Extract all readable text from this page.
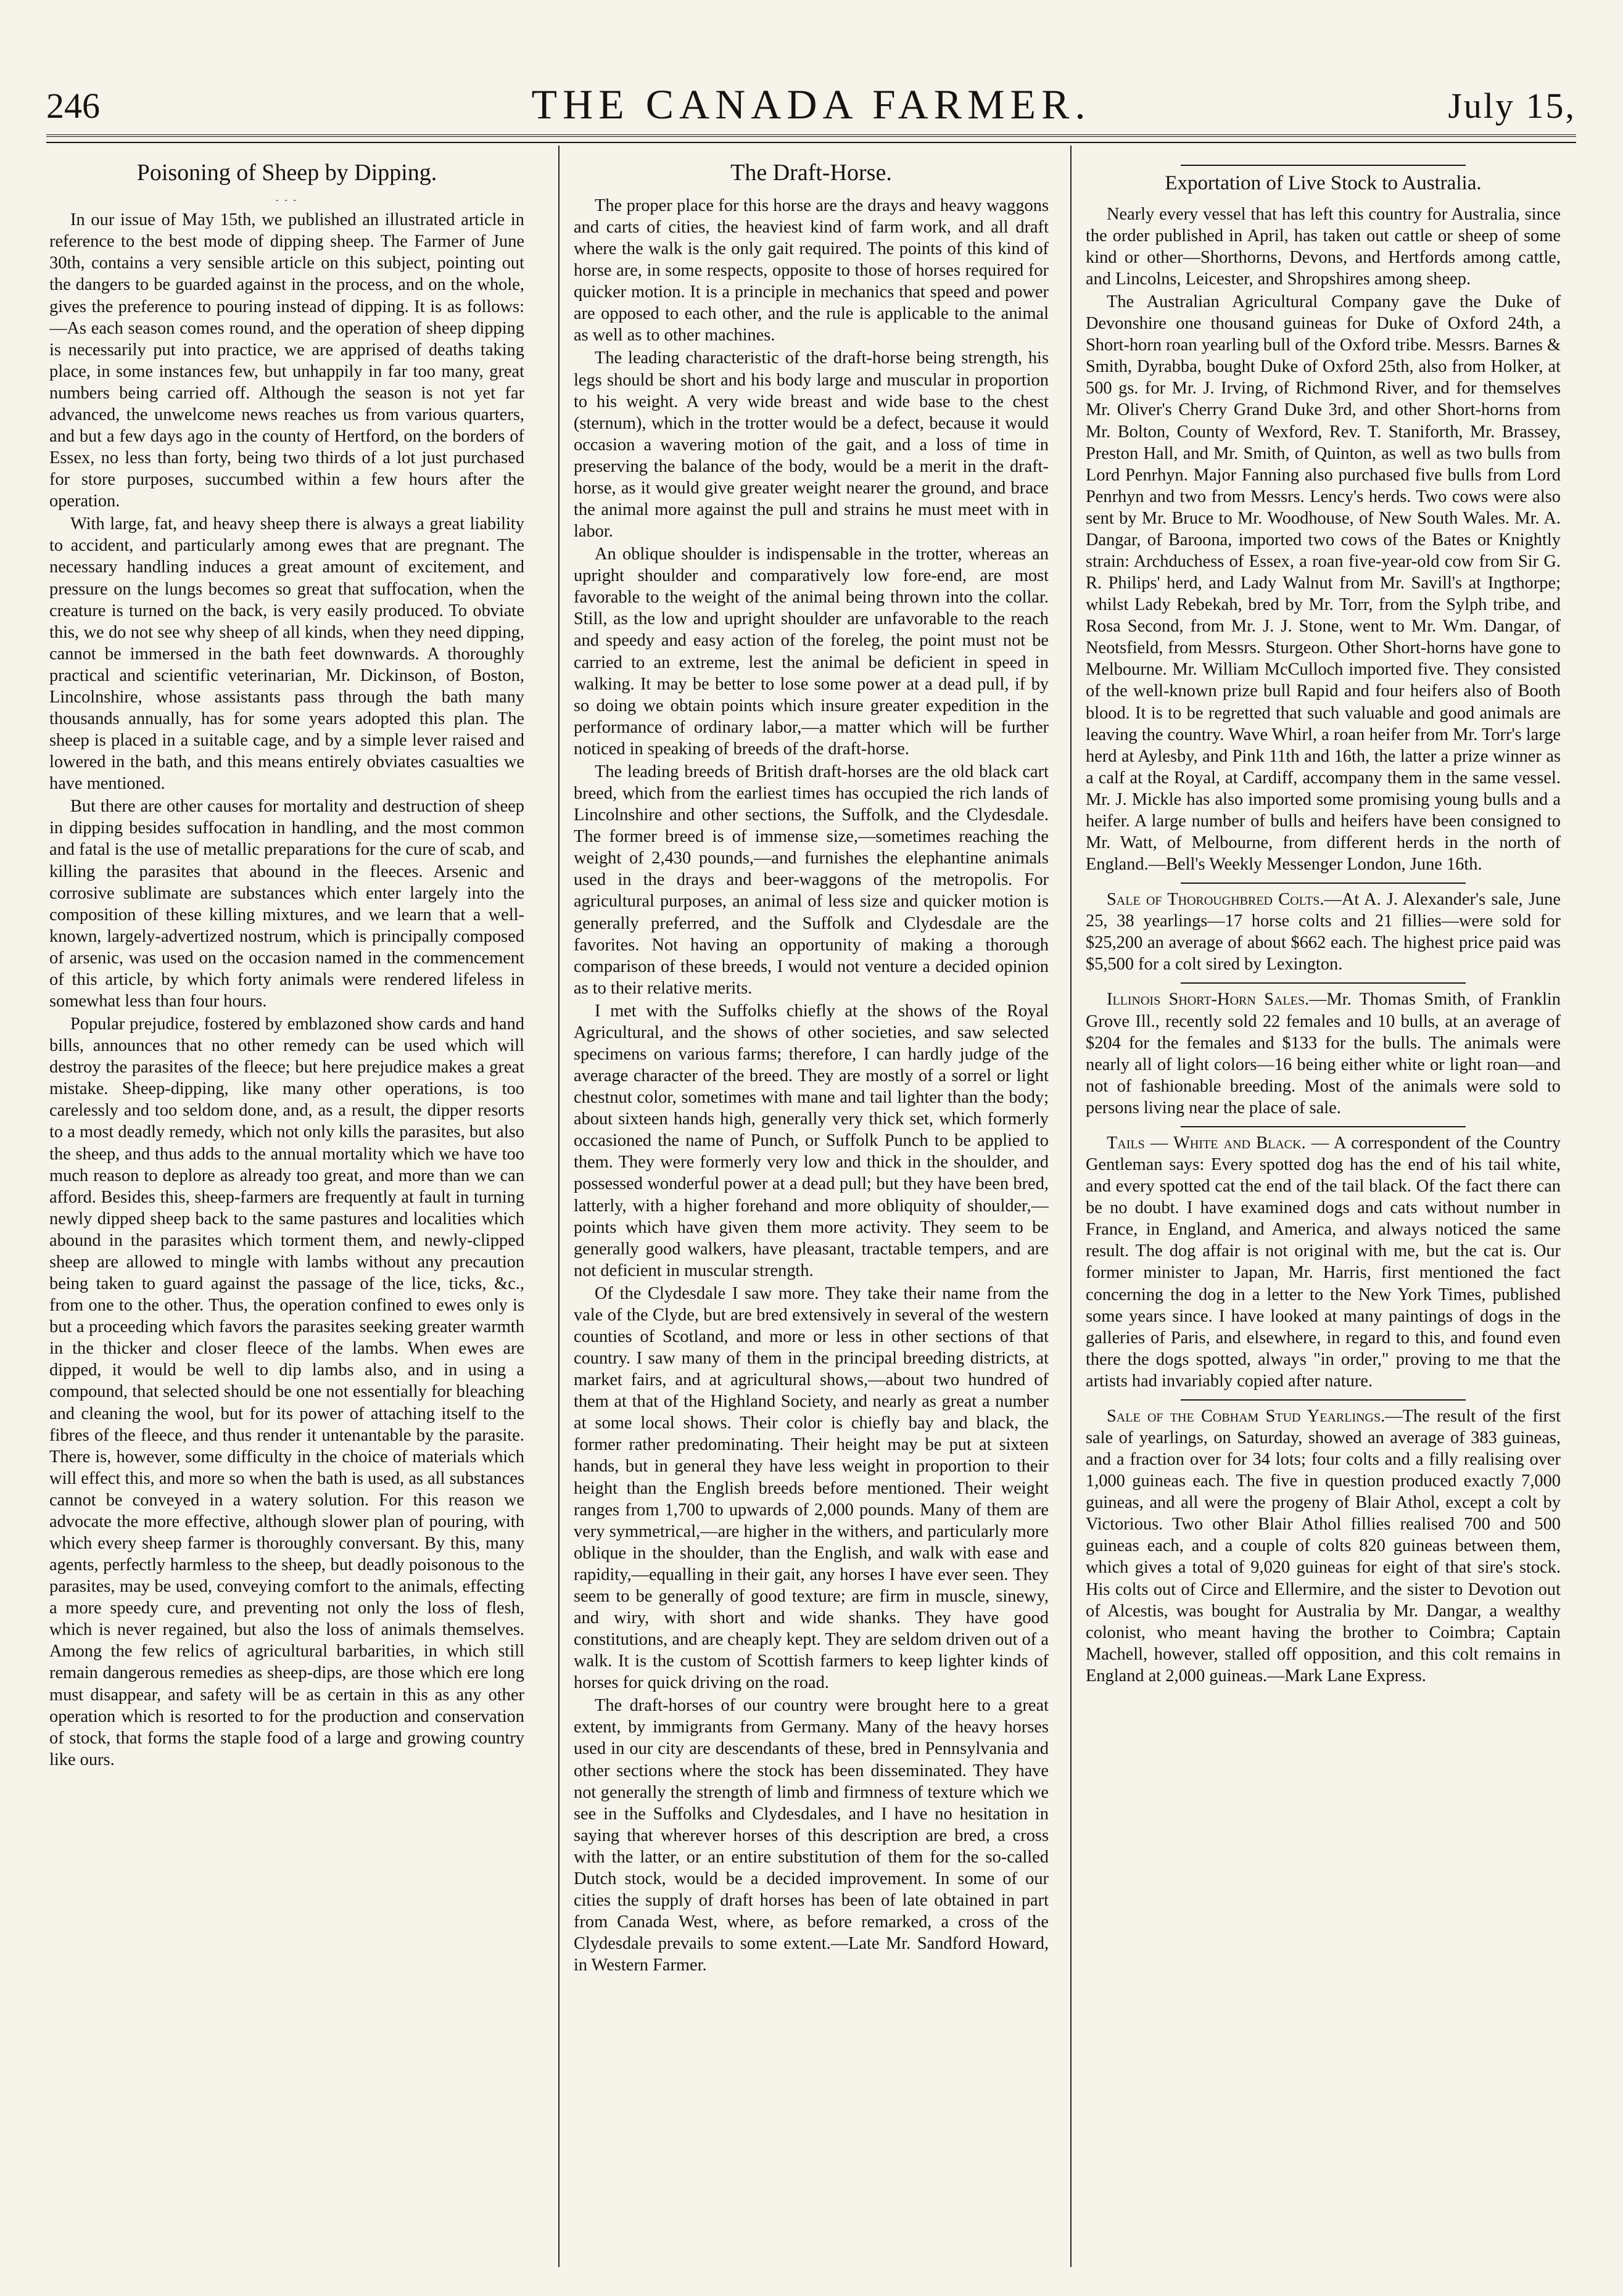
246	THE CANADA FARMER.	July 15,
Poisoning of Sheep by Dipping.
- - -

In our issue of May 15th, we published an illustrated article in reference to the best mode of dipping sheep. The Farmer of June 30th, contains a very sensible article on this subject, pointing out the dangers to be guarded against in the process, and on the whole, gives the preference to pouring instead of dipping. It is as follows:—As each season comes round, and the operation of sheep dipping is necessarily put into practice, we are apprised of deaths taking place, in some instances few, but unhappily in far too many, great numbers being carried off. Although the season is not yet far advanced, the unwelcome news reaches us from various quarters, and but a few days ago in the county of Hertford, on the borders of Essex, no less than forty, being two thirds of a lot just purchased for store purposes, succumbed within a few hours after the operation.

With large, fat, and heavy sheep there is always a great liability to accident, and particularly among ewes that are pregnant. The necessary handling induces a great amount of excitement, and pressure on the lungs becomes so great that suffocation, when the creature is turned on the back, is very easily produced. To obviate this, we do not see why sheep of all kinds, when they need dipping, cannot be immersed in the bath feet downwards. A thoroughly practical and scientific veterinarian, Mr. Dickinson, of Boston, Lincolnshire, whose assistants pass through the bath many thousands annually, has for some years adopted this plan. The sheep is placed in a suitable cage, and by a simple lever raised and lowered in the bath, and this means entirely obviates casualties we have mentioned.

But there are other causes for mortality and destruction of sheep in dipping besides suffocation in handling, and the most common and fatal is the use of metallic preparations for the cure of scab, and killing the parasites that abound in the fleeces. Arsenic and corrosive sublimate are substances which enter largely into the composition of these killing mixtures, and we learn that a well-known, largely-advertized nostrum, which is principally composed of arsenic, was used on the occasion named in the commencement of this article, by which forty animals were rendered lifeless in somewhat less than four hours.

Popular prejudice, fostered by emblazoned show cards and hand bills, announces that no other remedy can be used which will destroy the parasites of the fleece; but here prejudice makes a great mistake. Sheep-dipping, like many other operations, is too carelessly and too seldom done, and, as a result, the dipper resorts to a most deadly remedy, which not only kills the parasites, but also the sheep, and thus adds to the annual mortality which we have too much reason to deplore as already too great, and more than we can afford. Besides this, sheep-farmers are frequently at fault in turning newly dipped sheep back to the same pastures and localities which abound in the parasites which torment them, and newly-clipped sheep are allowed to mingle with lambs without any precaution being taken to guard against the passage of the lice, ticks, &c., from one to the other. Thus, the operation confined to ewes only is but a proceeding which favors the parasites seeking greater warmth in the thicker and closer fleece of the lambs. When ewes are dipped, it would be well to dip lambs also, and in using a compound, that selected should be one not essentially for bleaching and cleaning the wool, but for its power of attaching itself to the fibres of the fleece, and thus render it untenantable by the parasite. There is, however, some difficulty in the choice of materials which will effect this, and more so when the bath is used, as all substances cannot be conveyed in a watery solution. For this reason we advocate the more effective, although slower plan of pouring, with which every sheep farmer is thoroughly conversant. By this, many agents, perfectly harmless to the sheep, but deadly poisonous to the parasites, may be used, conveying comfort to the animals, effecting a more speedy cure, and preventing not only the loss of flesh, which is never regained, but also the loss of animals themselves. Among the few relics of agricultural barbarities, in which still remain dangerous remedies as sheep-dips, are those which ere long must disappear, and safety will be as certain in this as any other operation which is resorted to for the production and conservation of stock, that forms the staple food of a large and growing country like ours.

The Draft-Horse.

The proper place for this horse are the drays and heavy waggons and carts of cities, the heaviest kind of farm work, and all draft where the walk is the only gait required. The points of this kind of horse are, in some respects, opposite to those of horses required for quicker motion. It is a principle in mechanics that speed and power are opposed to each other, and the rule is applicable to the animal as well as to other machines.

The leading characteristic of the draft-horse being strength, his legs should be short and his body large and muscular in proportion to his weight. A very wide breast and wide base to the chest (sternum), which in the trotter would be a defect, because it would occasion a wavering motion of the gait, and a loss of time in preserving the balance of the body, would be a merit in the draft-horse, as it would give greater weight nearer the ground, and brace the animal more against the pull and strains he must meet with in labor.

An oblique shoulder is indispensable in the trotter, whereas an upright shoulder and comparatively low fore-end, are most favorable to the weight of the animal being thrown into the collar. Still, as the low and upright shoulder are unfavorable to the reach and speedy and easy action of the foreleg, the point must not be carried to an extreme, lest the animal be deficient in speed in walking. It may be better to lose some power at a dead pull, if by so doing we obtain points which insure greater expedition in the performance of ordinary labor,—a matter which will be further noticed in speaking of breeds of the draft-horse.

The leading breeds of British draft-horses are the old black cart breed, which from the earliest times has occupied the rich lands of Lincolnshire and other sections, the Suffolk, and the Clydesdale. The former breed is of immense size,—sometimes reaching the weight of 2,430 pounds,—and furnishes the elephantine animals used in the drays and beer-waggons of the metropolis. For agricultural purposes, an animal of less size and quicker motion is generally preferred, and the Suffolk and Clydesdale are the favorites. Not having an opportunity of making a thorough comparison of these breeds, I would not venture a decided opinion as to their relative merits.

I met with the Suffolks chiefly at the shows of the Royal Agricultural, and the shows of other societies, and saw selected specimens on various farms; therefore, I can hardly judge of the average character of the breed. They are mostly of a sorrel or light chestnut color, sometimes with mane and tail lighter than the body; about sixteen hands high, generally very thick set, which formerly occasioned the name of Punch, or Suffolk Punch to be applied to them. They were formerly very low and thick in the shoulder, and possessed wonderful power at a dead pull; but they have been bred, latterly, with a higher forehand and more obliquity of shoulder,—points which have given them more activity. They seem to be generally good walkers, have pleasant, tractable tempers, and are not deficient in muscular strength.

Of the Clydesdale I saw more. They take their name from the vale of the Clyde, but are bred extensively in several of the western counties of Scotland, and more or less in other sections of that country. I saw many of them in the principal breeding districts, at market fairs, and at agricultural shows,—about two hundred of them at that of the Highland Society, and nearly as great a number at some local shows. Their color is chiefly bay and black, the former rather predominating. Their height may be put at sixteen hands, but in general they have less weight in proportion to their height than the English breeds before mentioned. Their weight ranges from 1,700 to upwards of 2,000 pounds. Many of them are very symmetrical,—are higher in the withers, and particularly more oblique in the shoulder, than the English, and walk with ease and rapidity,—equalling in their gait, any horses I have ever seen. They seem to be generally of good texture; are firm in muscle, sinewy, and wiry, with short and wide shanks. They have good constitutions, and are cheaply kept. They are seldom driven out of a walk. It is the custom of Scottish farmers to keep lighter kinds of horses for quick driving on the road.

The draft-horses of our country were brought here to a great extent, by immigrants from Germany. Many of the heavy horses used in our city are descendants of these, bred in Pennsylvania and other sections where the stock has been disseminated. They have not generally the strength of limb and firmness of texture which we see in the Suffolks and Clydesdales, and I have no hesitation in saying that wherever horses of this description are bred, a cross with the latter, or an entire substitution of them for the so-called Dutch stock, would be a decided improvement. In some of our cities the supply of draft horses has been of late obtained in part from Canada West, where, as before remarked, a cross of the Clydesdale prevails to some extent.—Late Mr. Sandford Howard, in Western Farmer.

Exportation of Live Stock to Australia.

Nearly every vessel that has left this country for Australia, since the order published in April, has taken out cattle or sheep of some kind or other—Shorthorns, Devons, and Hertfords among cattle, and Lincolns, Leicester, and Shropshires among sheep.

The Australian Agricultural Company gave the Duke of Devonshire one thousand guineas for Duke of Oxford 24th, a Short-horn roan yearling bull of the Oxford tribe. Messrs. Barnes & Smith, Dyrabba, bought Duke of Oxford 25th, also from Holker, at 500 gs. for Mr. J. Irving, of Richmond River, and for themselves Mr. Oliver's Cherry Grand Duke 3rd, and other Short-horns from Mr. Bolton, County of Wexford, Rev. T. Staniforth, Mr. Brassey, Preston Hall, and Mr. Smith, of Quinton, as well as two bulls from Lord Penrhyn. Major Fanning also purchased five bulls from Lord Penrhyn and two from Messrs. Lency's herds. Two cows were also sent by Mr. Bruce to Mr. Woodhouse, of New South Wales. Mr. A. Dangar, of Baroona, imported two cows of the Bates or Knightly strain: Archduchess of Essex, a roan five-year-old cow from Sir G. R. Philips' herd, and Lady Walnut from Mr. Savill's at Ingthorpe; whilst Lady Rebekah, bred by Mr. Torr, from the Sylph tribe, and Rosa Second, from Mr. J. J. Stone, went to Mr. Wm. Dangar, of Neotsfield, from Messrs. Sturgeon. Other Short-horns have gone to Melbourne. Mr. William McCulloch imported five. They consisted of the well-known prize bull Rapid and four heifers also of Booth blood. It is to be regretted that such valuable and good animals are leaving the country. Wave Whirl, a roan heifer from Mr. Torr's large herd at Aylesby, and Pink 11th and 16th, the latter a prize winner as a calf at the Royal, at Cardiff, accompany them in the same vessel. Mr. J. Mickle has also imported some promising young bulls and a heifer. A large number of bulls and heifers have been consigned to Mr. Watt, of Melbourne, from different herds in the north of England.—Bell's Weekly Messenger London, June 16th.

Sale of Thoroughbred Colts.—At A. J. Alexander's sale, June 25, 38 yearlings—17 horse colts and 21 fillies—were sold for $25,200 an average of about $662 each. The highest price paid was $5,500 for a colt sired by Lexington.

Illinois Short-Horn Sales.—Mr. Thomas Smith, of Franklin Grove Ill., recently sold 22 females and 10 bulls, at an average of $204 for the females and $133 for the bulls. The animals were nearly all of light colors—16 being either white or light roan—and not of fashionable breeding. Most of the animals were sold to persons living near the place of sale.

Tails — White and Black. — A correspondent of the Country Gentleman says: Every spotted dog has the end of his tail white, and every spotted cat the end of the tail black. Of the fact there can be no doubt. I have examined dogs and cats without number in France, in England, and America, and always noticed the same result. The dog affair is not original with me, but the cat is. Our former minister to Japan, Mr. Harris, first mentioned the fact concerning the dog in a letter to the New York Times, published some years since. I have looked at many paintings of dogs in the galleries of Paris, and elsewhere, in regard to this, and found even there the dogs spotted, always "in order," proving to me that the artists had invariably copied after nature.

Sale of the Cobham Stud Yearlings.—The result of the first sale of yearlings, on Saturday, showed an average of 383 guineas, and a fraction over for 34 lots; four colts and a filly realising over 1,000 guineas each. The five in question produced exactly 7,000 guineas, and all were the progeny of Blair Athol, except a colt by Victorious. Two other Blair Athol fillies realised 700 and 500 guineas each, and a couple of colts 820 guineas between them, which gives a total of 9,020 guineas for eight of that sire's stock. His colts out of Circe and Ellermire, and the sister to Devotion out of Alcestis, was bought for Australia by Mr. Dangar, a wealthy colonist, who meant having the brother to Coimbra; Captain Machell, however, stalled off opposition, and this colt remains in England at 2,000 guineas.—Mark Lane Express.
